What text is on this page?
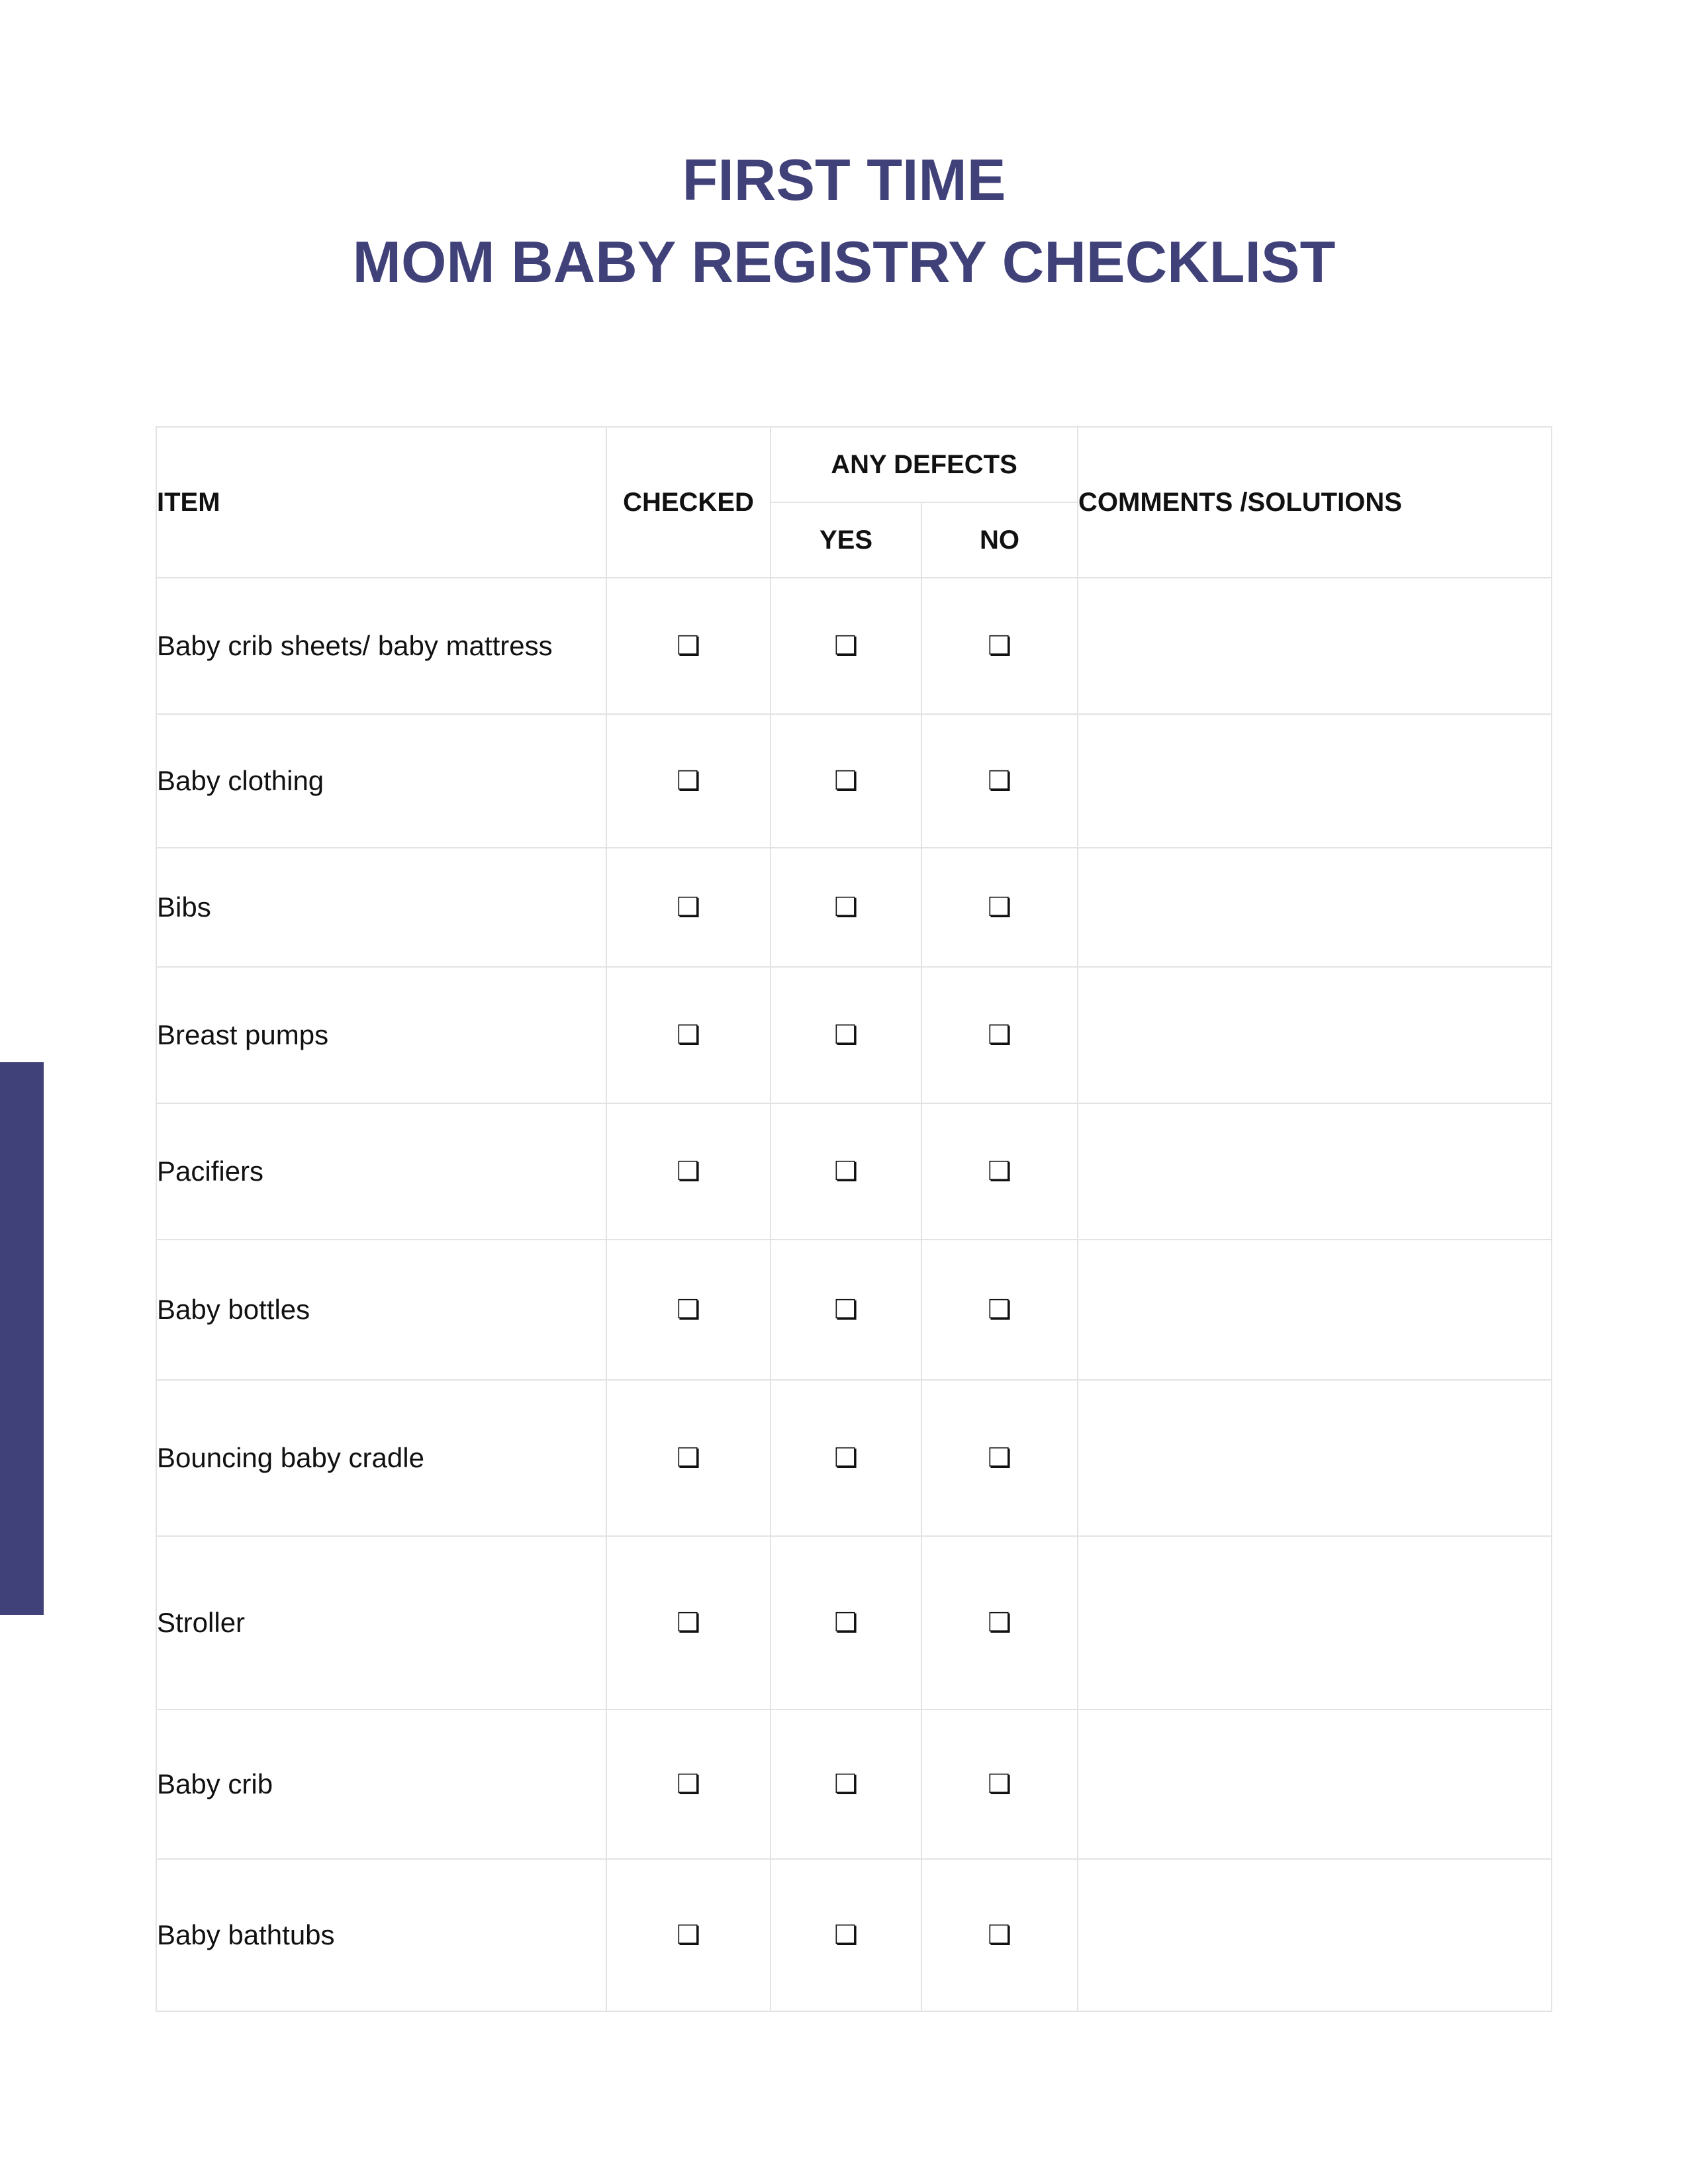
FIRST TIME
MOM BABY REGISTRY CHECKLIST
ITEM	CHECKED	ANY DEFECTS		COMMENTS /SOLUTIONS
		YES	NO	
Baby crib sheets/ baby mattress	❏	❏	❏	
Baby clothing	❏	❏	❏	
Bibs	❏	❏	❏	
Breast pumps	❏	❏	❏	
Pacifiers	❏	❏	❏	
Baby bottles	❏	❏	❏	
Bouncing baby cradle	❏	❏	❏	
Stroller	❏	❏	❏	
Baby crib	❏	❏	❏	
Baby bathtubs	❏	❏	❏	
